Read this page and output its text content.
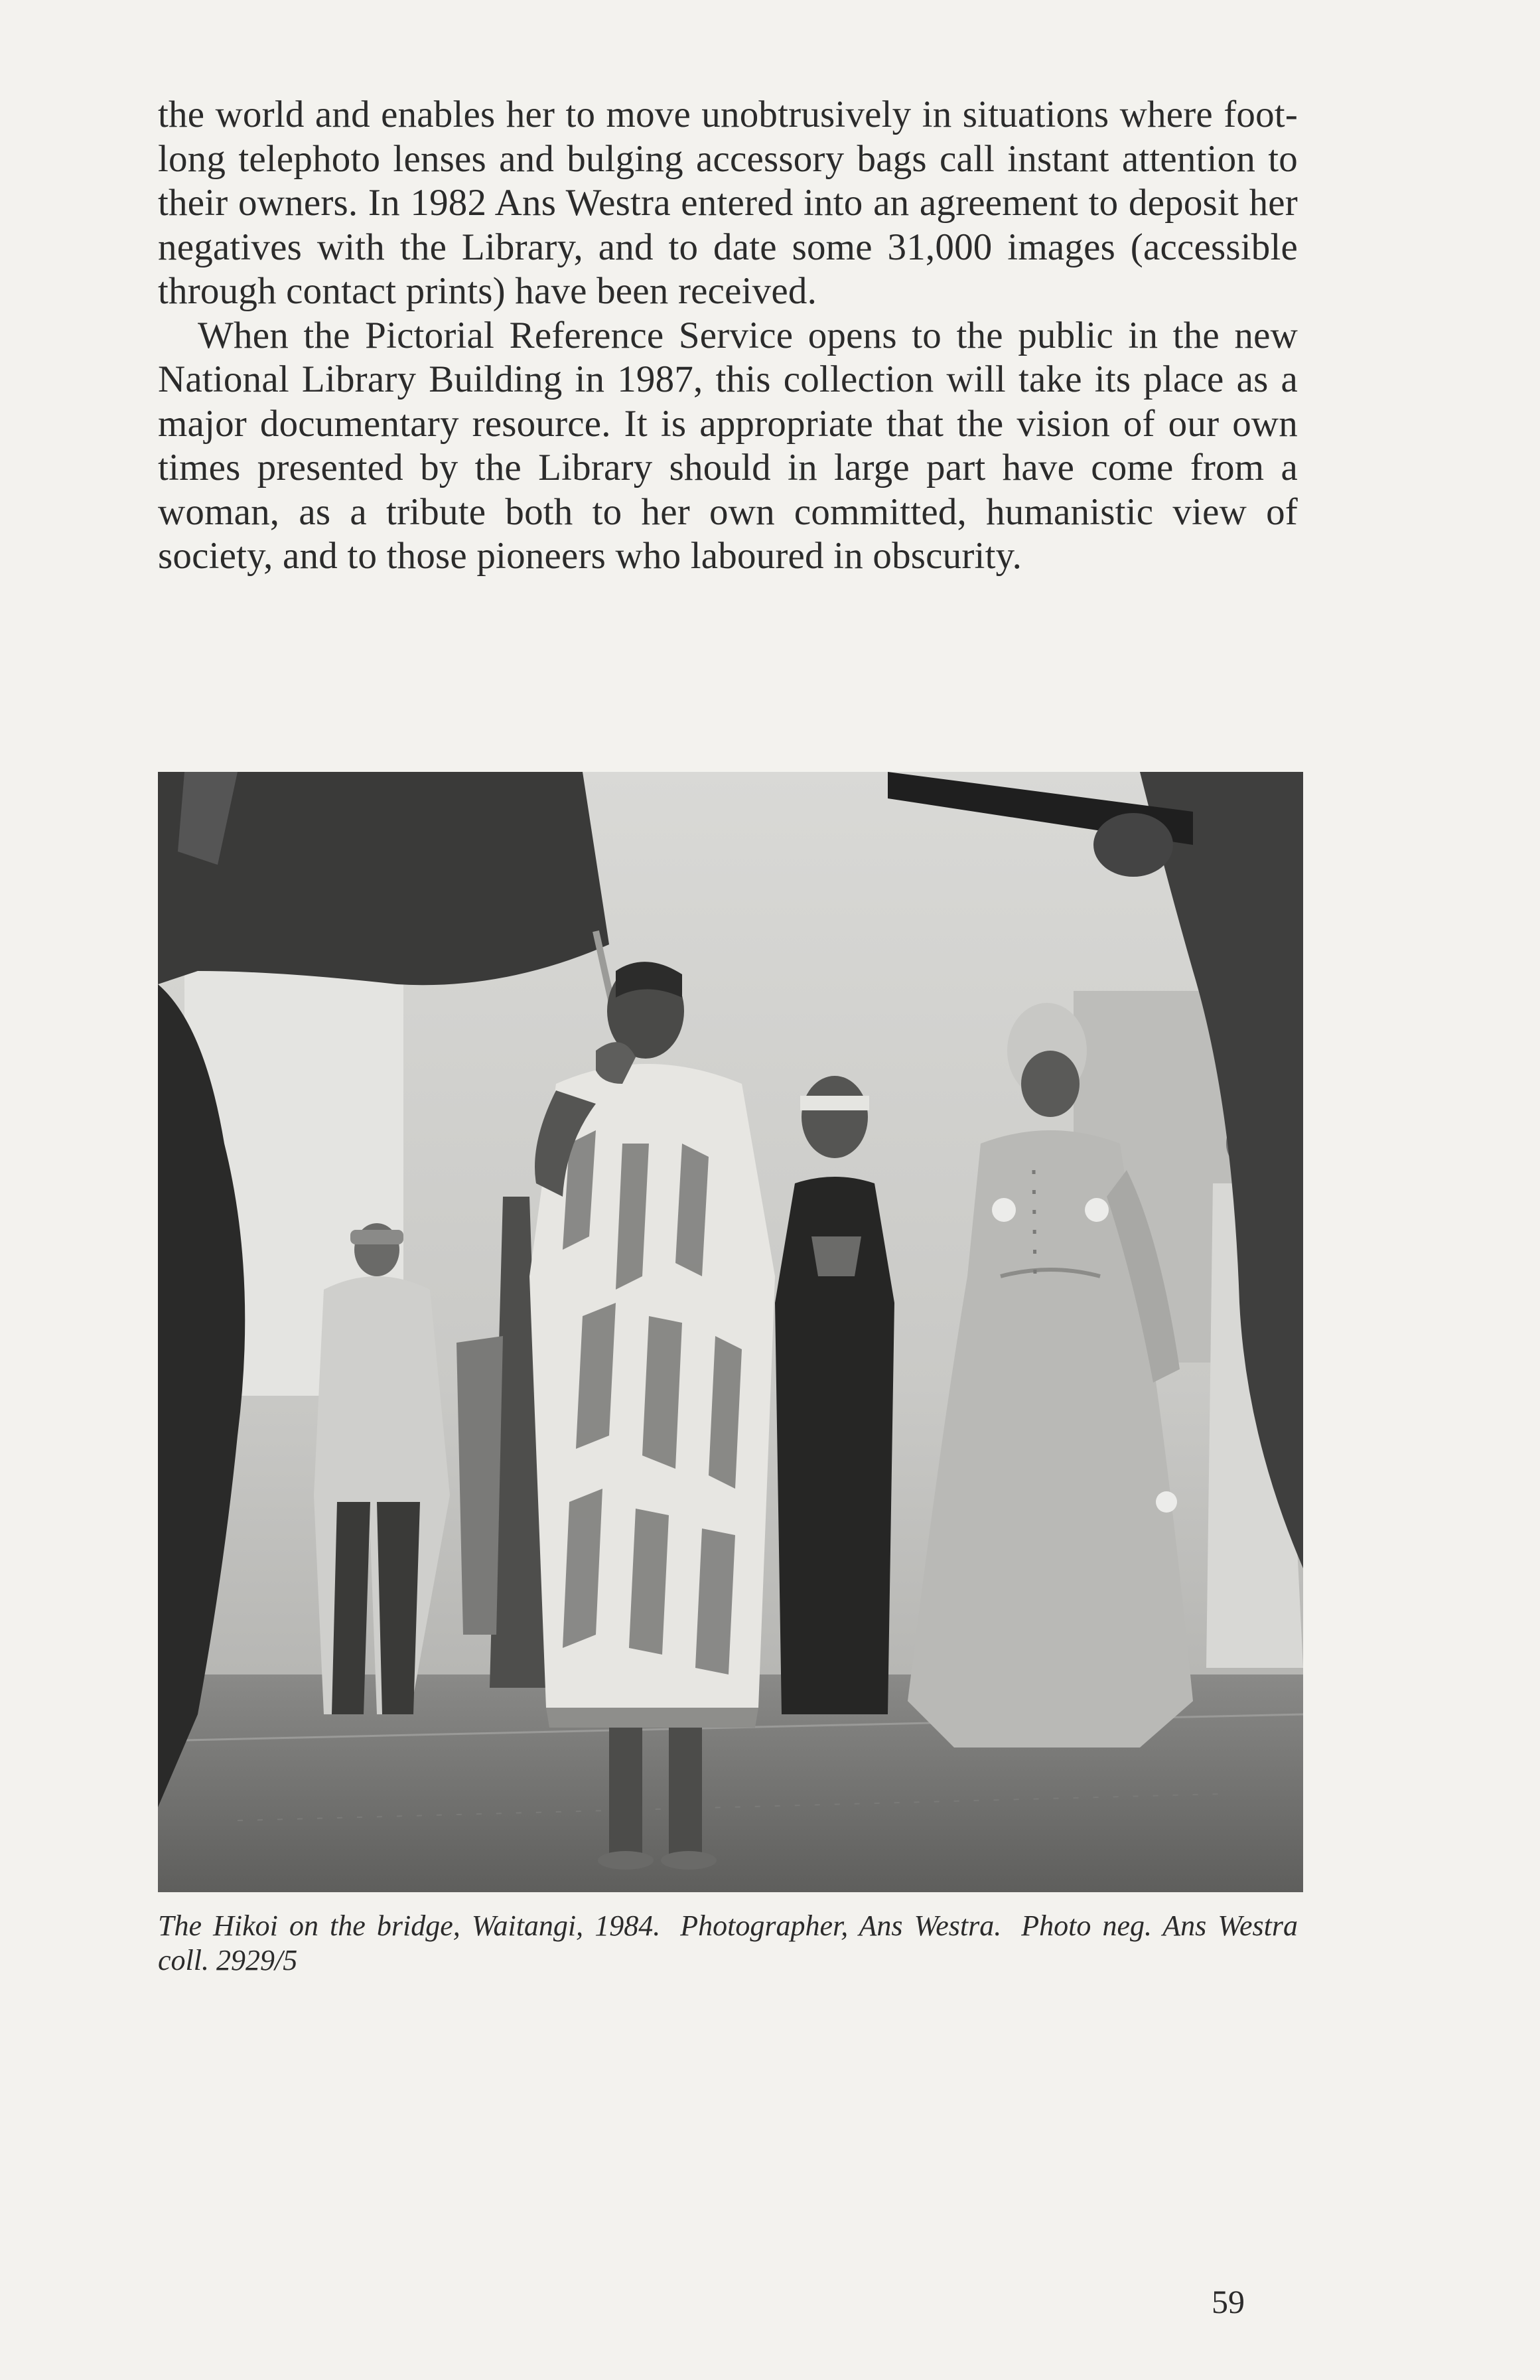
the world and enables her to move unobtrusively in situations where foot-long telephoto lenses and bulging accessory bags call instant attention to their owners. In 1982 Ans Westra entered into an agreement to deposit her negatives with the Library, and to date some 31,000 images (accessible through contact prints) have been received.

When the Pictorial Reference Service opens to the public in the new National Library Building in 1987, this collection will take its place as a major documentary resource. It is appropriate that the vision of our own times presented by the Library should in large part have come from a woman, as a tribute both to her own committed, humanistic view of society, and to those pioneers who laboured in obscurity.

The Hikoi on the bridge, Waitangi, 1984. Photographer, Ans Westra. Photo neg. Ans Westra coll. 2929/5
59
